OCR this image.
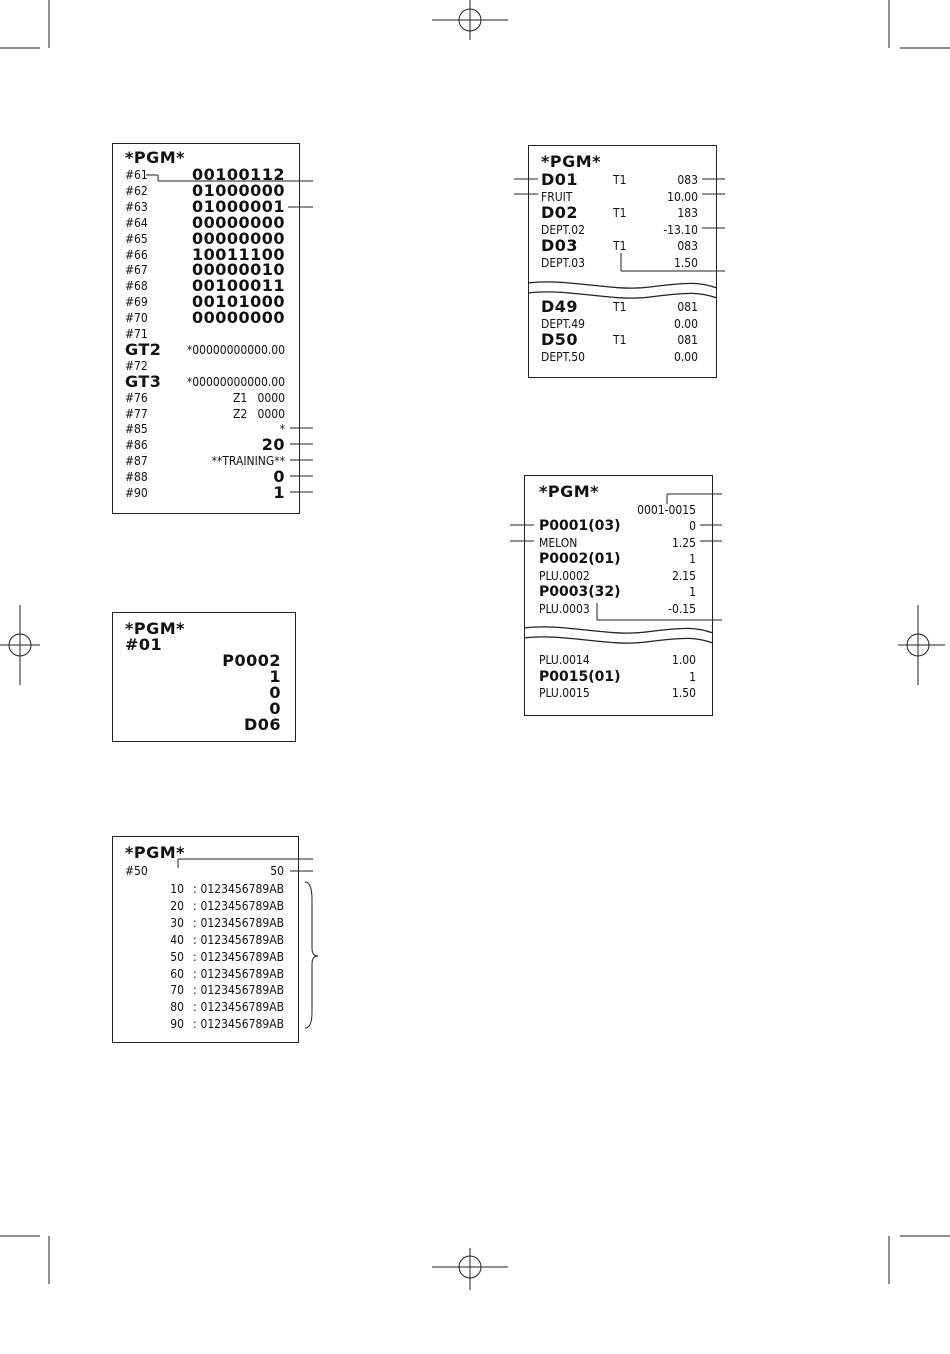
*PGM*
#61	00100112
#62	01000000
#63	01000001
#64	00000000
#65	00000000
#66	10011100
#67	00000010
#68	00100011
#69	00101000
#70	00000000
#71
GT2 *00000000000.00
#72
GT3 *00000000000.00
#76	Z1   0000
#77	Z2   0000
#85	*
#86	20
#87	**TRAINING**
#88	0
#90	1
*PGM*
#01
P0002
1
0
0
D06
*PGM*
#50	50
10 : 0123456789AB
20 : 0123456789AB
30 : 0123456789AB
40 : 0123456789AB
50 : 0123456789AB
60 : 0123456789AB
70 : 0123456789AB
80 : 0123456789AB
90 : 0123456789AB
*PGM*
D01	T1	083
FRUIT	10.00
D02	T1	183
DEPT.02	-13.10
D03	T1	083
DEPT.03	1.50
D49	T1	081
DEPT.49	0.00
D50	T1	081
DEPT.50	0.00
*PGM*
0001-0015
P0001(03)	0
MELON	1.25
P0002(01)	1
PLU.0002	2.15
P0003(32)	1
PLU.0003	-0.15
PLU.0014	1.00
P0015(01)	1
PLU.0015	1.50
